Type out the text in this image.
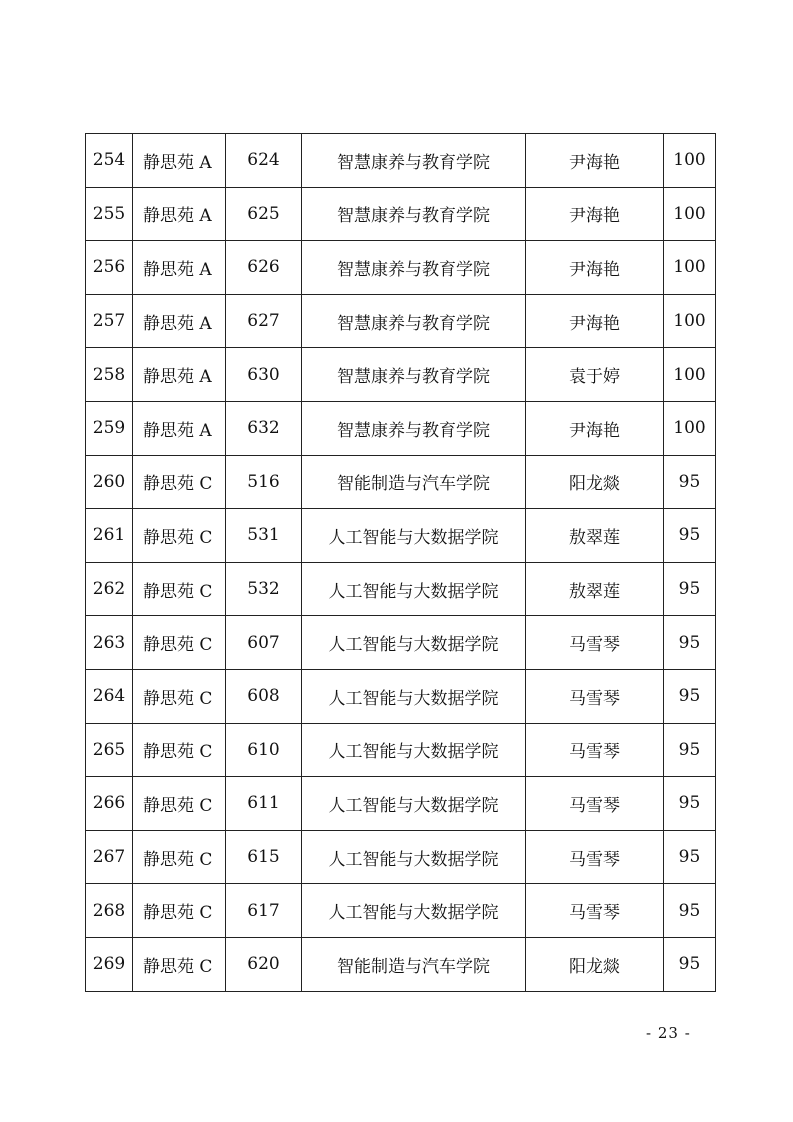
254	静思苑 A	624	智慧康养与教育学院	尹海艳	100
255	静思苑 A	625	智慧康养与教育学院	尹海艳	100
256	静思苑 A	626	智慧康养与教育学院	尹海艳	100
257	静思苑 A	627	智慧康养与教育学院	尹海艳	100
258	静思苑 A	630	智慧康养与教育学院	袁于婷	100
259	静思苑 A	632	智慧康养与教育学院	尹海艳	100
260	静思苑 C	516	智能制造与汽车学院	阳龙燚	95
261	静思苑 C	531	人工智能与大数据学院	敖翠莲	95
262	静思苑 C	532	人工智能与大数据学院	敖翠莲	95
263	静思苑 C	607	人工智能与大数据学院	马雪琴	95
264	静思苑 C	608	人工智能与大数据学院	马雪琴	95
265	静思苑 C	610	人工智能与大数据学院	马雪琴	95
266	静思苑 C	611	人工智能与大数据学院	马雪琴	95
267	静思苑 C	615	人工智能与大数据学院	马雪琴	95
268	静思苑 C	617	人工智能与大数据学院	马雪琴	95
269	静思苑 C	620	智能制造与汽车学院	阳龙燚	95
- 23 -
